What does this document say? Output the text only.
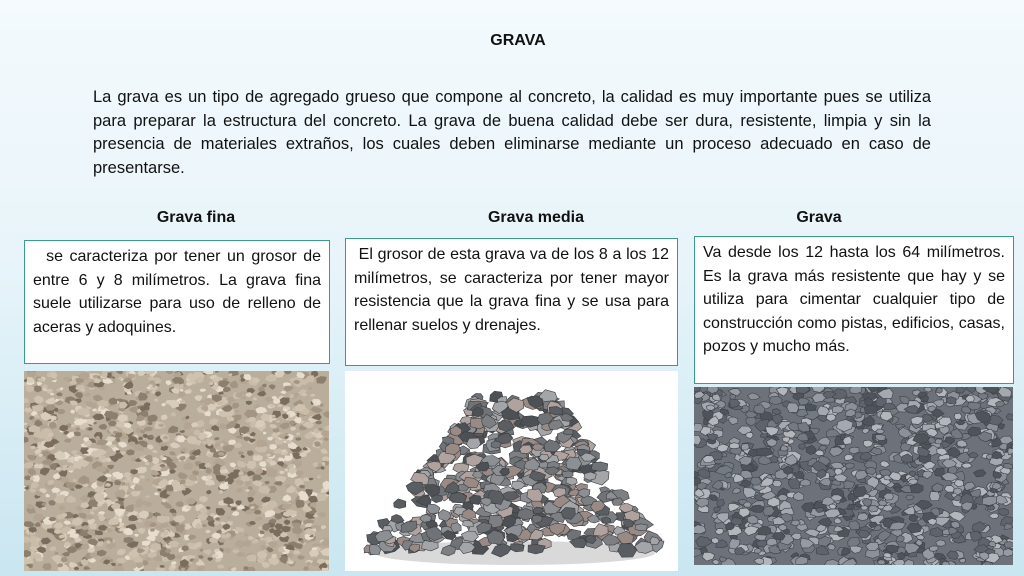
GRAVA
La grava es un tipo de agregado grueso que compone al concreto, la calidad es muy importante pues se utiliza para preparar la estructura del concreto. La grava de buena calidad debe ser dura, resistente, limpia y sin la presencia de materiales extraños, los cuales deben eliminarse mediante un proceso adecuado en caso de presentarse.
Grava fina
se caracteriza por tener un grosor de entre 6 y 8 milímetros. La grava fina suele utilizarse para uso de relleno de aceras y adoquines.
Grava media
El grosor de esta grava va de los 8 a los 12 milímetros, se caracteriza por tener mayor resistencia que la grava fina y se usa para rellenar suelos y drenajes.
Grava
Va desde los 12 hasta los 64 milímetros. Es la grava más resistente que hay y se utiliza para cimentar cualquier tipo de construcción como pistas, edificios, casas, pozos y mucho más.
